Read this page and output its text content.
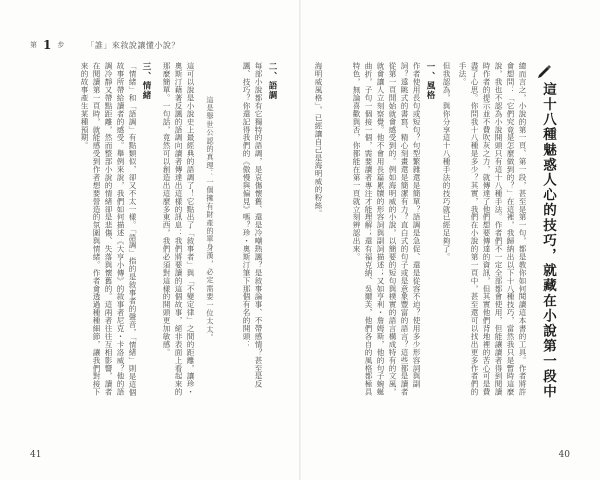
第 1 步	「誰」來敘說讓懂小說？
41	40
這十八種魅惑人心的技巧，就藏在小說第一段中
總而言之，小說的第一頁、第一段，甚至是第一句，都是教你如何閱讀這本書的工具。作者將許會想問：「它們究竟是怎麼做到的？」在這裡，我歸納出以下十八種技巧，當然我只是暫時這麼說，我也不認為小說開頭只有這十八種手法。作者們不一定全部都會使用，但能讓讀者得到閱讀時作者的提示並不費吹灰之力，就傳達了他們想要傳達的資訊，但其實他們背地裡的苦心可是費盡了心思。你問我十八種是多少？其實，我們在小說的第一頁中，甚至還可以找出更多作者們的手法。
但我認為，與你分享這十八種手法的技巧就已經足夠了。
一、風格
作者使用長句或短句？句型繁雜還是簡單？語調是急促、還是從容不迫？使用多少形容詞與副詞？遠眺式的書寫、精心刻畫還是簡潔有力？直白式的句子或是意象豐富的語言？這些都是讀者從第一頁開始就會感受到的。例如海明威的小說，以簡要的短句與樸實的語言構成特有的文風，就會讓人立刻察覺。他不會用長篇累牘的形容詞與副詞描述；又如亨利・詹姆斯，他的句子蜿蜒曲折，子句一個接一個，需要讀者專注才能理解；還有福克納、吳爾芙，他們各自的風格都極具特色，無論喜歡與否，你都能在第一頁就立刻辨認出來。
海明威風格」，已經讓自己是海明威的粉絲。
二、語調
每部小說都有它獨特的語調，是哀傷懷舊、還是冷嘲熱諷？是敘事論事、不帶感情？甚至是反諷、技巧？你還記得我們的《傲慢與偏見》嗎？珍・奧斯汀筆下那個有名的開頭：
這是舉世公認的真理：一個擁有財產的單身漢，必定需要一位太太。
這可以說是小說史上最經典的語調了！它點出了「敘事者」與「不變定律」之間的距離，讓珍・奧斯汀藉著反諷的語調向讀者傳達出這樣的訊息：我們將要讀的這個故事，絕非表面上看起來的那麼簡單。一句話，竟然可以創造出這麼多東西，我們必須對這樣的開頭更加敏感。
三、情緒
「情緒」和「語調」有點類似，卻又不太一樣。「語調」指的是敘事者的聲音，「情緒」則是這個故事所帶給讀者的感受。舉例來說，我們如何描述《大亨小傳》的敘事者尼克・卡洛威？他的語調冷靜又帶點距離，然而整部小說的情緒卻是悲傷、失落與懷舊的。這兩者往往互相影響，讀者在閱讀第一頁時，就能感受到作者想要營造的氛圍與情緒。作者會透過種種細節，讓我們對接下來的故事產生某種預期。
